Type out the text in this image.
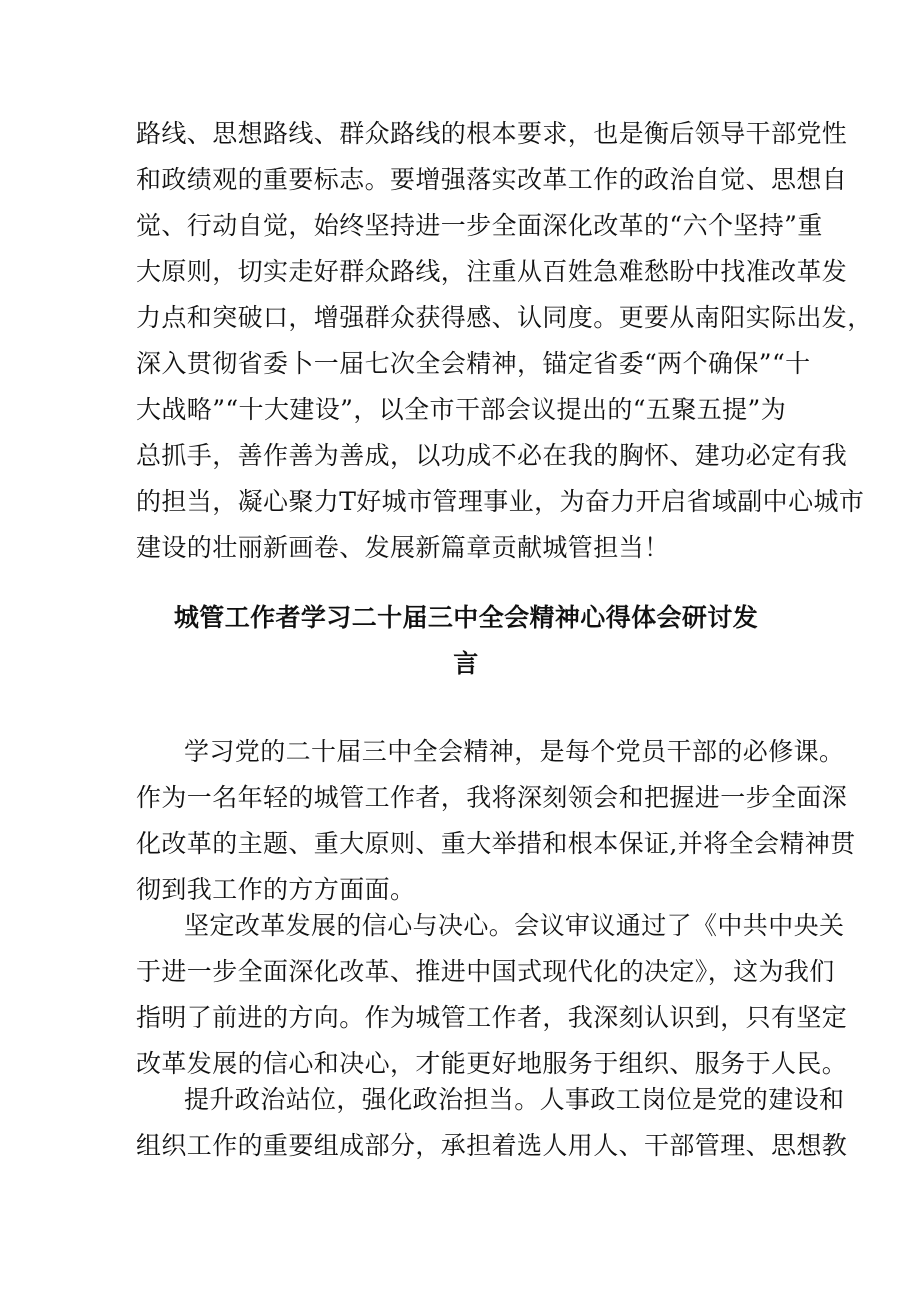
路线、思想路线、群众路线的根本要求，也是衡后领导干部党性
和政绩观的重要标志。要增强落实改革工作的政治自觉、思想自
觉、行动自觉，始终坚持进一步全面深化改革的“六个坚持”重
大原则，切实走好群众路线，注重从百姓急难愁盼中找准改革发
力点和突破口，增强群众获得感、认同度。更要从南阳实际出发，
深入贯彻省委卜一届七次全会精神，锚定省委“两个确保”“十
大战略”“十大建设”，以全市干部会议提出的“五聚五提”为
总抓手，善作善为善成，以功成不必在我的胸怀、建功必定有我
的担当，凝心聚力T好城市管理事业，为奋力开启省域副中心城市
建设的壮丽新画卷、发展新篇章贡献城管担当！
城管工作者学习二十届三中全会精神心得体会研讨发
言
学习党的二十届三中全会精神，是每个党员干部的必修课。
作为一名年轻的城管工作者，我将深刻领会和把握进一步全面深
化改革的主题、重大原则、重大举措和根本保证,并将全会精神贯
彻到我工作的方方面面。
坚定改革发展的信心与决心。会议审议通过了《中共中央关
于进一步全面深化改革、推进中国式现代化的决定》，这为我们
指明了前进的方向。作为城管工作者，我深刻认识到，只有坚定
改革发展的信心和决心，才能更好地服务于组织、服务于人民。
提升政治站位，强化政治担当。人事政工岗位是党的建设和
组织工作的重要组成部分，承担着选人用人、干部管理、思想教
